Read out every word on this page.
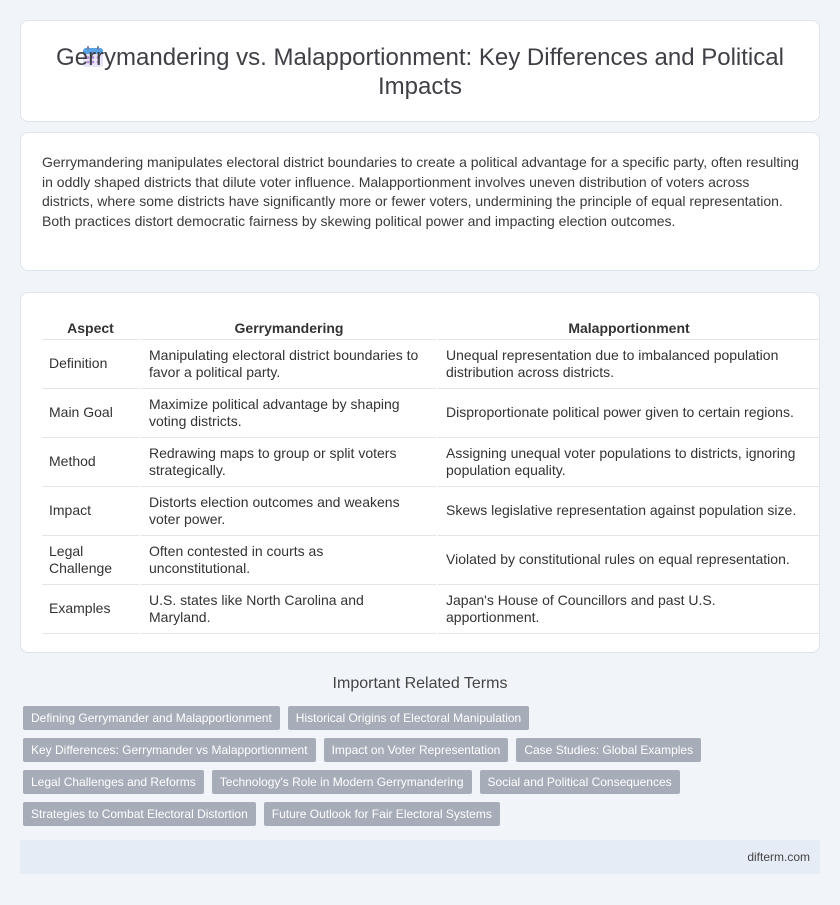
Gerrymandering vs. Malapportionment: Key Differences and Political Impacts

Gerrymandering manipulates electoral district boundaries to create a political advantage for a specific party, often resulting in oddly shaped districts that dilute voter influence. Malapportionment involves uneven distribution of voters across districts, where some districts have significantly more or fewer voters, undermining the principle of equal representation. Both practices distort democratic fairness by skewing political power and impacting election outcomes.

Aspect	Gerrymandering	Malapportionment
Definition	Manipulating electoral district boundaries to favor a political party.	Unequal representation due to imbalanced population distribution across districts.
Main Goal	Maximize political advantage by shaping voting districts.	Disproportionate political power given to certain regions.
Method	Redrawing maps to group or split voters strategically.	Assigning unequal voter populations to districts, ignoring population equality.
Impact	Distorts election outcomes and weakens voter power.	Skews legislative representation against population size.
Legal Challenge	Often contested in courts as unconstitutional.	Violated by constitutional rules on equal representation.
Examples	U.S. states like North Carolina and Maryland.	Japan's House of Councillors and past U.S. apportionment.
Important Related Terms
Defining Gerrymander and Malapportionment	Historical Origins of Electoral Manipulation
Key Differences: Gerrymander vs Malapportionment	Impact on Voter Representation	Case Studies: Global Examples
Legal Challenges and Reforms	Technology's Role in Modern Gerrymandering	Social and Political Consequences
Strategies to Combat Electoral Distortion	Future Outlook for Fair Electoral Systems
difterm.com
